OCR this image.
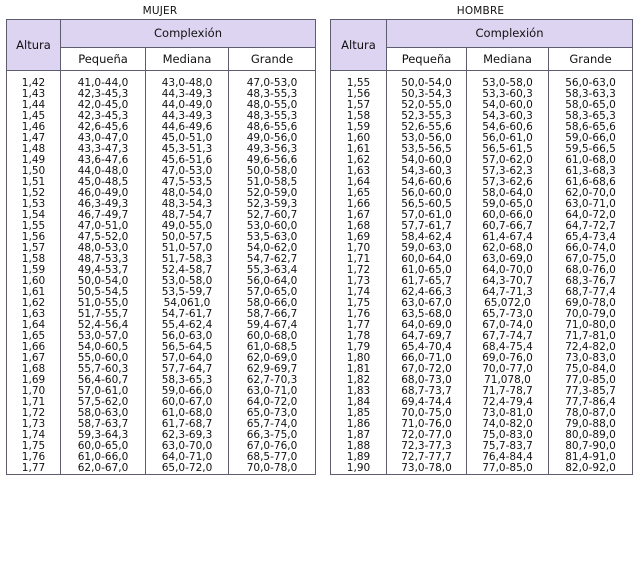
MUJER	HOMBRE
Altura	Complexión		
	Pequeña	Mediana	Grande

1,42	41,0-44,0	43,0-48,0	47,0-53,0
1,43	42,3-45,3	44,3-49,3	48,3-55,3
1,44	42,0-45,0	44,0-49,0	48,0-55,0
1,45	42,3-45,3	44,3-49,3	48,3-55,3
1,46	42,6-45,6	44,6-49,6	48,6-55,6
1,47	43,0-47,0	45,0-51,0	49,0-56,0
1,48	43,3-47,3	45,3-51,3	49,3-56,3
1,49	43,6-47,6	45,6-51,6	49,6-56,6
1,50	44,0-48,0	47,0-53,0	50,0-58,0
1,51	45,0-48,5	47,5-53,5	51,0-58,5
1,52	46,0-49,0	48,0-54,0	52,0-59,0
1,53	46,3-49,3	48,3-54,3	52,3-59,3
1,54	46,7-49,7	48,7-54,7	52,7-60,7
1,55	47,0-51,0	49,0-55,0	53,0-60,0
1,56	47,5-52,0	50,0-57,5	53,5-63,0
1,57	48,0-53,0	51,0-57,0	54,0-62,0
1,58	48,7-53,3	51,7-58,3	54,7-62,7
1,59	49,4-53,7	52,4-58,7	55,3-63,4
1,60	50,0-54,0	53,0-58,0	56,0-64,0
1,61	50,5-54,5	53,5-59,7	57,0-65,0
1,62	51,0-55,0	54,061,0	58,0-66,0
1,63	51,7-55,7	54,7-61,7	58,7-66,7
1,64	52,4-56,4	55,4-62,4	59,4-67,4
1,65	53,0-57,0	56,0-63,0	60,0-68,0
1,66	54,0-60,5	56,5-64,5	61,0-68,5
1,67	55,0-60,0	57,0-64,0	62,0-69,0
1,68	55,7-60,3	57,7-64,7	62,9-69,7
1,69	56,4-60,7	58,3-65,3	62,7-70,3
1,70	57,0-61,0	59,0-66,0	63,0-71,0
1,71	57,5-62,0	60,0-67,0	64,0-72,0
1,72	58,0-63,0	61,0-68,0	65,0-73,0
1,73	58,7-63,7	61,7-68,7	65,7-74,0
1,74	59,3-64,3	62,3-69,3	66,3-75,0
1,75	60,0-65,0	63,0-70,0	67,0-76,0
1,76	61,0-66,0	64,0-71,0	68,5-77,0
1,77	62,0-67,0	65,0-72,0	70,0-78,0
Altura	Complexión		
	Pequeña	Mediana	Grande

1,55	50,0-54,0	53,0-58,0	56,0-63,0
1,56	50,3-54,3	53,3-60,3	58,3-63,3
1,57	52,0-55,0	54,0-60,0	58,0-65,0
1,58	52,3-55,3	54,3-60,3	58,3-65,3
1,59	52,6-55,6	54,6-60,6	58,6-65,6
1,60	53,0-56,0	56,0-61,0	59,0-66,0
1,61	53,5-56,5	56,5-61,5	59,5-66,5
1,62	54,0-60,0	57,0-62,0	61,0-68,0
1,63	54,3-60,3	57,3-62,3	61,3-68,3
1,64	54,6-60,6	57,3-62,6	61,6-68,6
1,65	56,0-60,0	58,0-64,0	62,0-70,0
1,66	56,5-60,5	59,0-65,0	63,0-71,0
1,67	57,0-61,0	60,0-66,0	64,0-72,0
1,68	57,7-61,7	60,7-66,7	64,7-72,7
1,69	58,4-62,4	61,4-67,4	65,4-73,4
1,70	59,0-63,0	62,0-68,0	66,0-74,0
1,71	60,0-64,0	63,0-69,0	67,0-75,0
1,72	61,0-65,0	64,0-70,0	68,0-76,0
1,73	61,7-65,7	64,3-70,7	68,3-76,7
1,74	62,4-66,3	64,7-71,3	68,7-77,4
1,75	63,0-67,0	65,072,0	69,0-78,0
1,76	63,5-68,0	65,7-73,0	70,0-79,0
1,77	64,0-69,0	67,0-74,0	71,0-80,0
1,78	64,7-69,7	67,7-74,7	71,7-81,0
1,79	65,4-70,4	68,4-75,4	72,4-82,0
1,80	66,0-71,0	69,0-76,0	73,0-83,0
1,81	67,0-72,0	70,0-77,0	75,0-84,0
1,82	68,0-73,0	71,078,0	77,0-85,0
1,83	68,7-73,7	71,7-78,7	77,3-85,7
1,84	69,4-74,4	72,4-79,4	77,7-86,4
1,85	70,0-75,0	73,0-81,0	78,0-87,0
1,86	71,0-76,0	74,0-82,0	79,0-88,0
1,87	72,0-77,0	75,0-83,0	80,0-89,0
1,88	72,3-77,3	75,7-83,7	80,7-90,0
1,89	72,7-77,7	76,4-84,4	81,4-91,0
1,90	73,0-78,0	77,0-85,0	82,0-92,0
